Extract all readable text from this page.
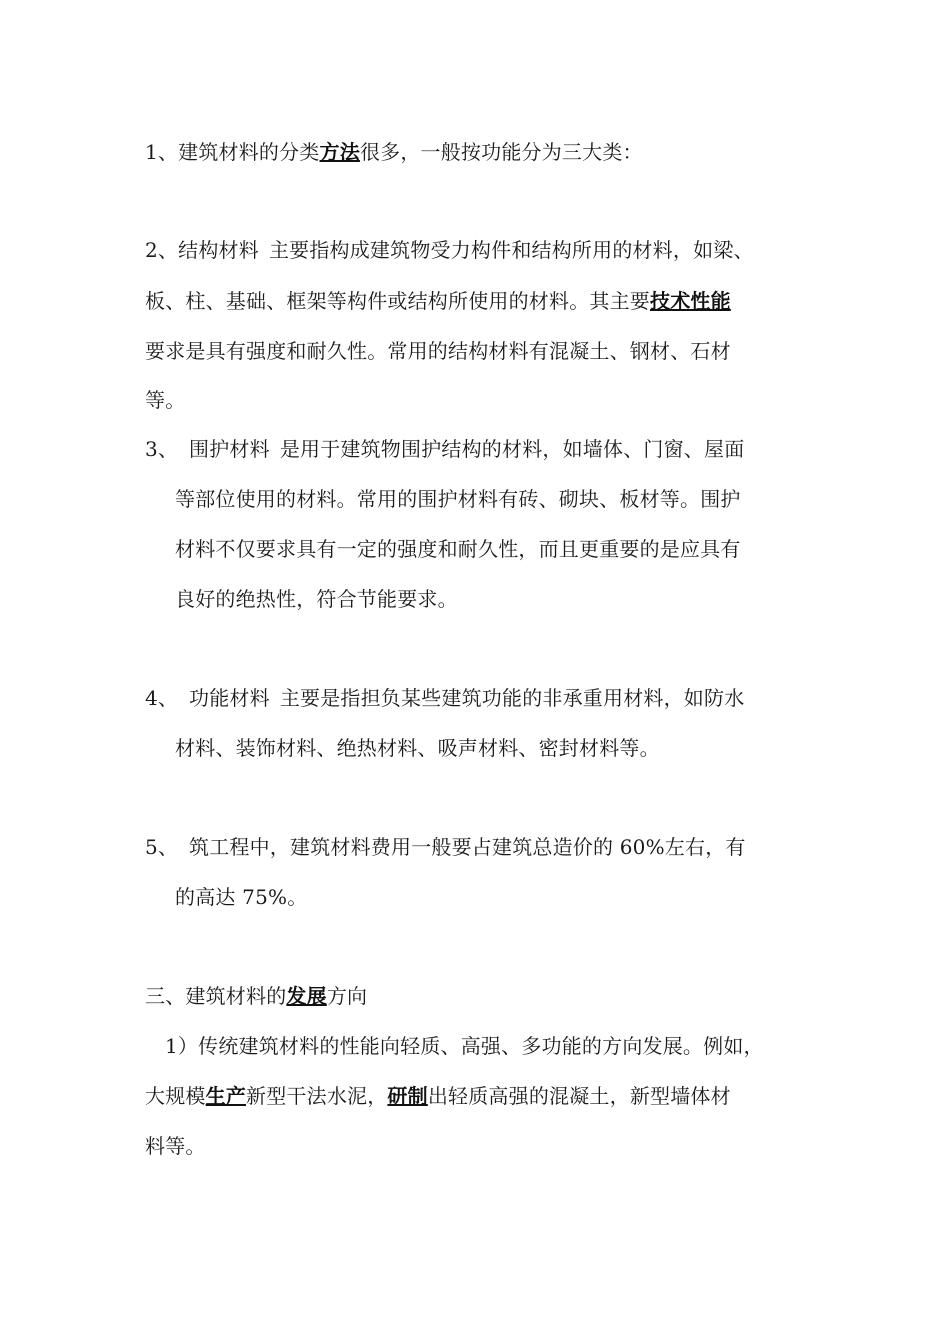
1、建筑材料的分类方法很多，一般按功能分为三大类：
2、结构材料 主要指构成建筑物受力构件和结构所用的材料，如梁、
板、柱、基础、框架等构件或结构所使用的材料。其主要技术性能
要求是具有强度和耐久性。常用的结构材料有混凝土、钢材、石材
等。
3、 围护材料 是用于建筑物围护结构的材料，如墙体、门窗、屋面
等部位使用的材料。常用的围护材料有砖、砌块、板材等。围护
材料不仅要求具有一定的强度和耐久性，而且更重要的是应具有
良好的绝热性，符合节能要求。
4、 功能材料 主要是指担负某些建筑功能的非承重用材料，如防水
材料、装饰材料、绝热材料、吸声材料、密封材料等。
5、 筑工程中，建筑材料费用一般要占建筑总造价的 60%左右，有
的高达 75%。
三、建筑材料的发展方向
1）传统建筑材料的性能向轻质、高强、多功能的方向发展。例如，
大规模生产新型干法水泥，研制出轻质高强的混凝土，新型墙体材
料等。
